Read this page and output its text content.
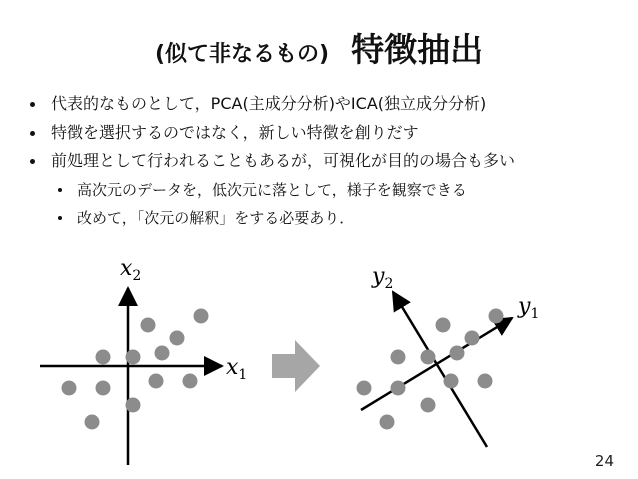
(似て非なるもの) 特徴抽出
代表的なものとして，PCA(主成分分析)やICA(独立成分分析)
特徴を選択するのではなく，新しい特徴を創りだす
前処理として行われることもあるが，可視化が目的の場合も多い
高次元のデータを，低次元に落として，様子を観察できる
改めて，「次元の解釈」をする必要あり．
$x_2$
$x_1$
$y_2$
$y_1$
24
